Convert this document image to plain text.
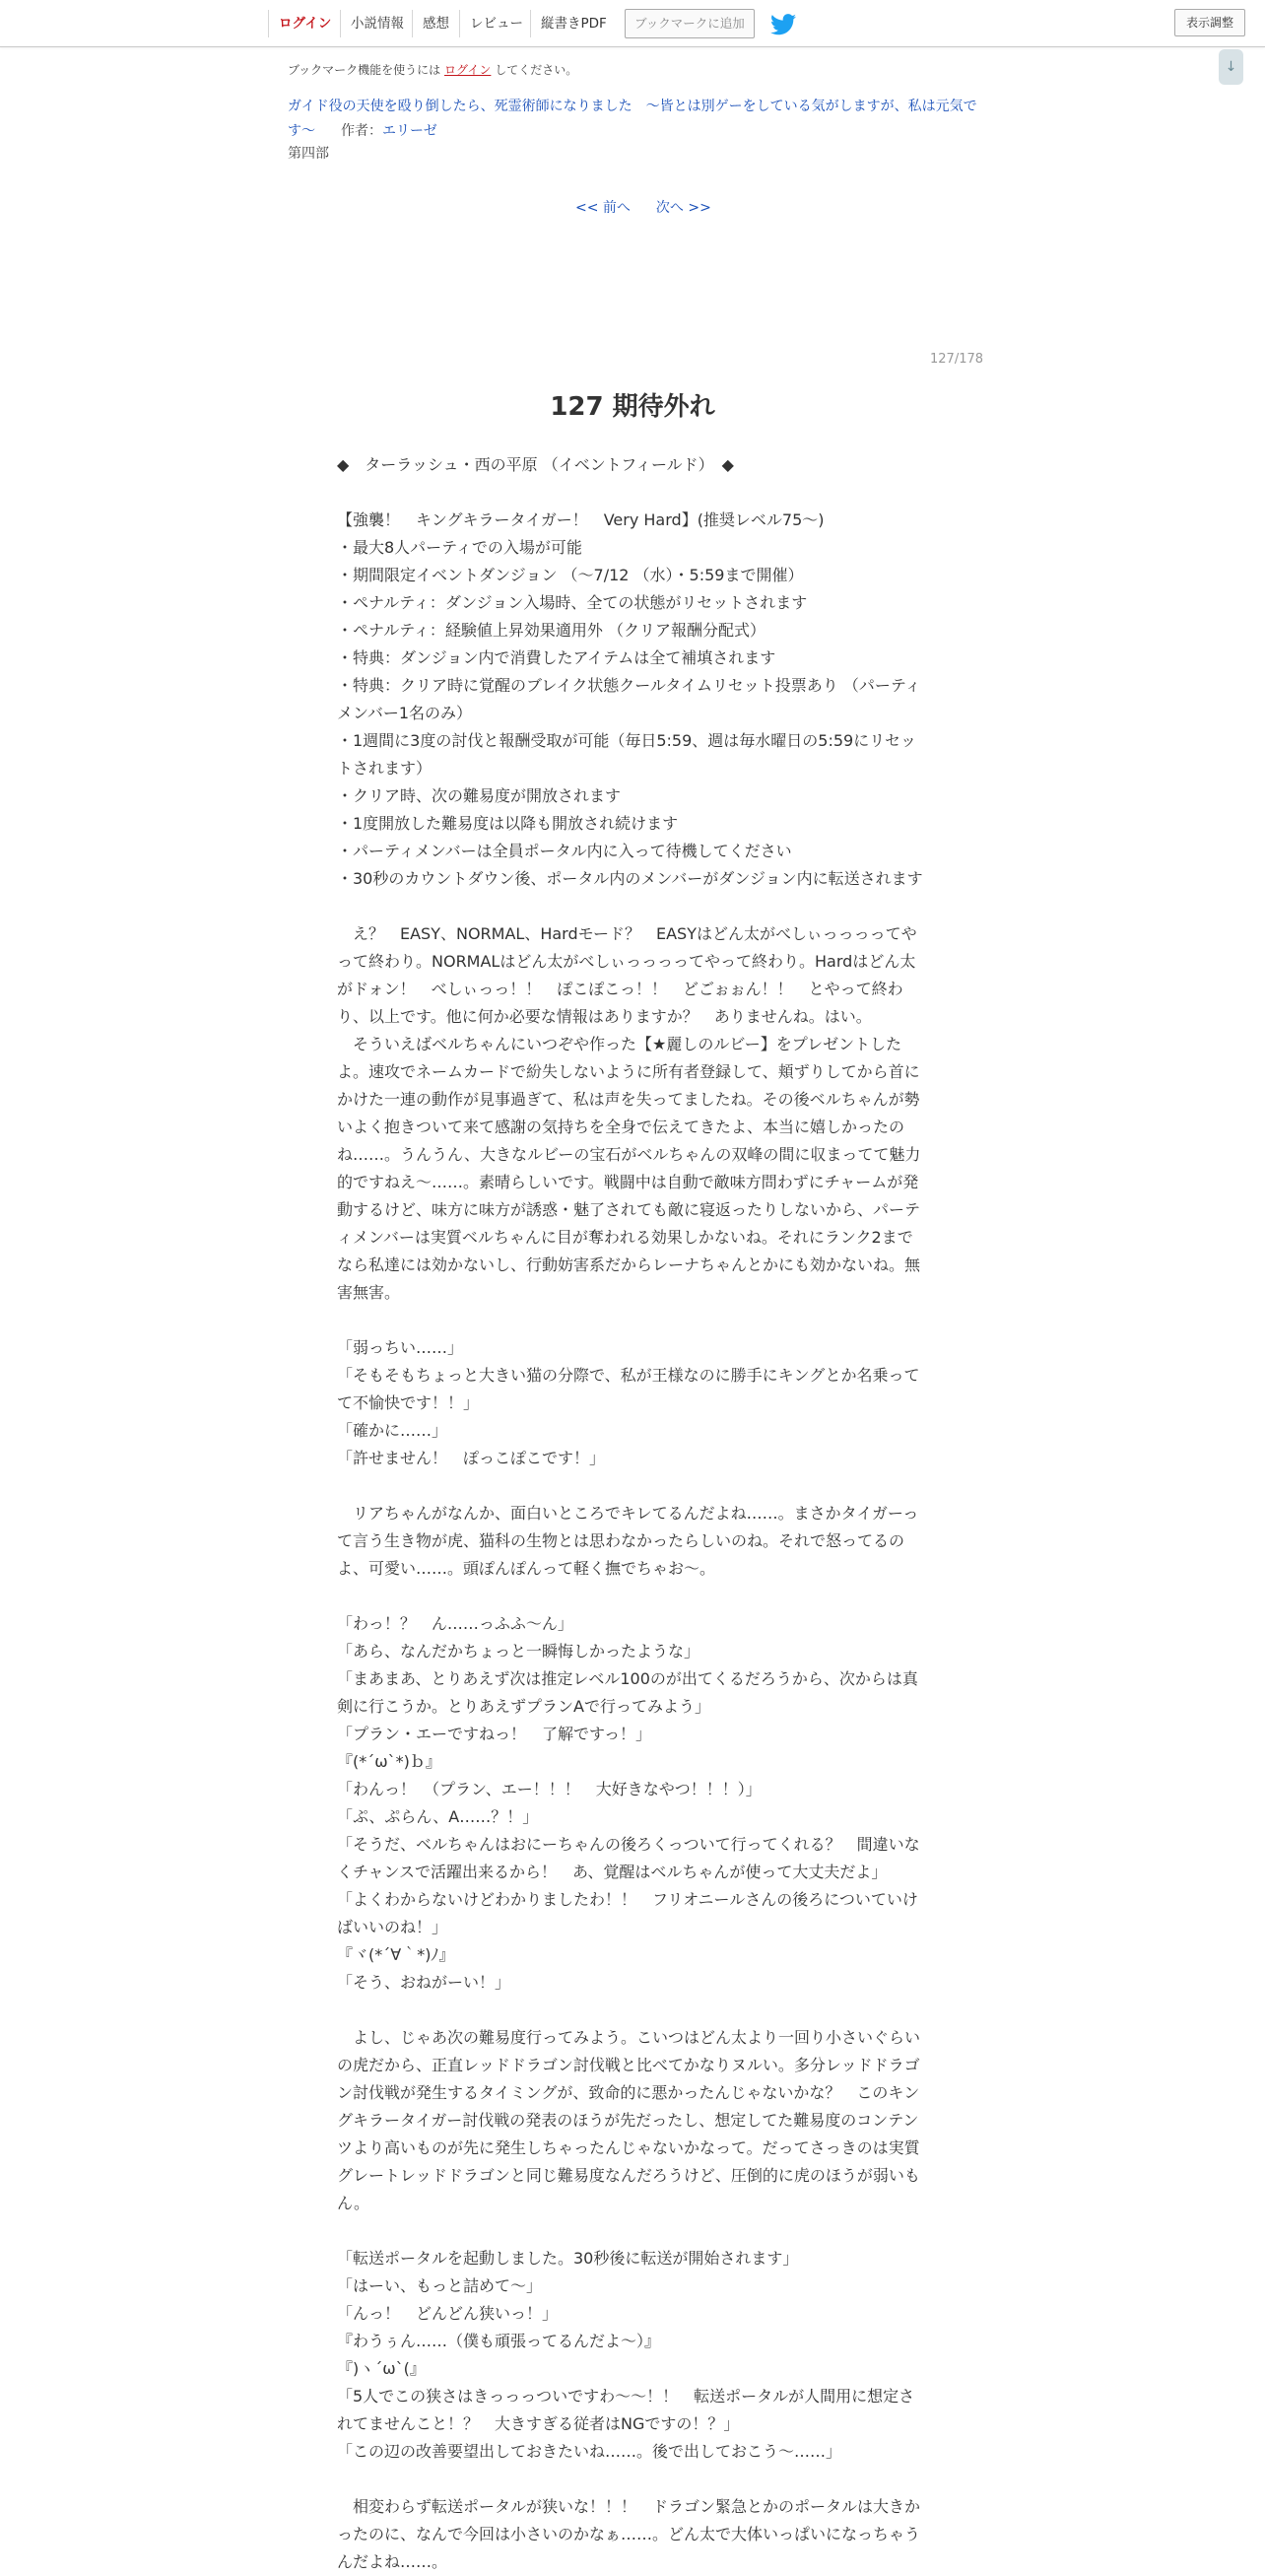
ログイン	小説情報	感想	レビュー	縦書きPDF	ブックマークに追加	表示調整
↓
ブックマーク機能を使うには ログイン してください。
ガイド役の天使を殴り倒したら、死霊術師になりました　～皆とは別ゲーをしている気がしますが、私は元気です～ 作者：エリーゼ
第四部
<< 前へ 次へ >>
127/178
127 期待外れ

◆　ターラッシュ・西の平原 （イベントフィールド）　◆

【強襲！　キングキラータイガー！　Very Hard】(推奨レベル75～)

・最大8人パーティでの入場が可能

・期間限定イベントダンジョン （～7/12 （水）・5:59まで開催）

・ペナルティ：ダンジョン入場時、全ての状態がリセットされます

・ペナルティ：経験値上昇効果適用外 （クリア報酬分配式）

・特典：ダンジョン内で消費したアイテムは全て補填されます

・特典：クリア時に覚醒のブレイク状態クールタイムリセット投票あり （パーティメンバー1名のみ）

・1週間に3度の討伐と報酬受取が可能（毎日5:59、週は毎水曜日の5:59にリセットされます）

・クリア時、次の難易度が開放されます

・1度開放した難易度は以降も開放され続けます

・パーティメンバーは全員ポータル内に入って待機してください

・30秒のカウントダウン後、ポータル内のメンバーがダンジョン内に転送されます

　え？　EASY、NORMAL、Hardモード？　EASYはどん太がべしぃっっっってやって終わり。NORMALはどん太がべしぃっっっってやって終わり。Hardはどん太がドォン！　べしぃっっ！！　ぽこぽこっ！！　どごぉぉん！！　とやって終わり、以上です。他に何か必要な情報はありますか？　ありませんね。はい。

　そういえばベルちゃんにいつぞや作った【★麗しのルビー】をプレゼントしたよ。速攻でネームカードで紛失しないように所有者登録して、頬ずりしてから首にかけた一連の動作が見事過ぎて、私は声を失ってましたね。その後ベルちゃんが勢いよく抱きついて来て感謝の気持ちを全身で伝えてきたよ、本当に嬉しかったのね……。うんうん、大きなルビーの宝石がベルちゃんの双峰の間に収まってて魅力的ですねえ～……。素晴らしいです。戦闘中は自動で敵味方問わずにチャームが発動するけど、味方に味方が誘惑・魅了されても敵に寝返ったりしないから、パーティメンバーは実質ベルちゃんに目が奪われる効果しかないね。それにランク2までなら私達には効かないし、行動妨害系だからレーナちゃんとかにも効かないね。無害無害。

「弱っちい……」

「そもそもちょっと大きい猫の分際で、私が王様なのに勝手にキングとか名乗ってて不愉快です！！」

「確かに……」

「許せません！　ぽっこぽこです！」

　リアちゃんがなんか、面白いところでキレてるんだよね……。まさかタイガーって言う生き物が虎、猫科の生物とは思わなかったらしいのね。それで怒ってるのよ、可愛い……。頭ぽんぽんって軽く撫でちゃお～。

「わっ！？　ん……っふふ～ん」

「あら、なんだかちょっと一瞬悔しかったような」

「まあまあ、とりあえず次は推定レベル100のが出てくるだろうから、次からは真剣に行こうか。とりあえずプランAで行ってみよう」

「プラン・エーですねっ！　了解ですっ！」

『(*´ω`*)ｂ』

「わんっ！　（プラン、エー！！！　大好きなやつ！！！）」

「ぷ、ぷらん、A……？！」

「そうだ、ベルちゃんはおにーちゃんの後ろくっついて行ってくれる？　間違いなくチャンスで活躍出来るから！　あ、覚醒はベルちゃんが使って大丈夫だよ」

「よくわからないけどわかりましたわ！！　フリオニールさんの後ろについていけばいいのね！」

『ヾ(*´∀｀*)ﾉ』

「そう、おねがーい！」

　よし、じゃあ次の難易度行ってみよう。こいつはどん太より一回り小さいぐらいの虎だから、正直レッドドラゴン討伐戦と比べてかなりヌルい。多分レッドドラゴン討伐戦が発生するタイミングが、致命的に悪かったんじゃないかな？　このキングキラータイガー討伐戦の発表のほうが先だったし、想定してた難易度のコンテンツより高いものが先に発生しちゃったんじゃないかなって。だってさっきのは実質グレートレッドドラゴンと同じ難易度なんだろうけど、圧倒的に虎のほうが弱いもん。

「転送ポータルを起動しました。30秒後に転送が開始されます」

「はーい、もっと詰めて～」

「んっ！　どんどん狭いっ！」

『わうぅん……（僕も頑張ってるんだよ～）』

『)ヽ´ω`(』

「5人でこの狭さはきっっっついですわ～～！！　転送ポータルが人間用に想定されてませんこと！？　大きすぎる従者はNGですの！？」

「この辺の改善要望出しておきたいね……。後で出しておこう～……」

　相変わらず転送ポータルが狭いな！！！　ドラゴン緊急とかのポータルは大きかったのに、なんで今回は小さいのかなぁ……。どん太で大体いっぱいになっちゃうんだよね……。
